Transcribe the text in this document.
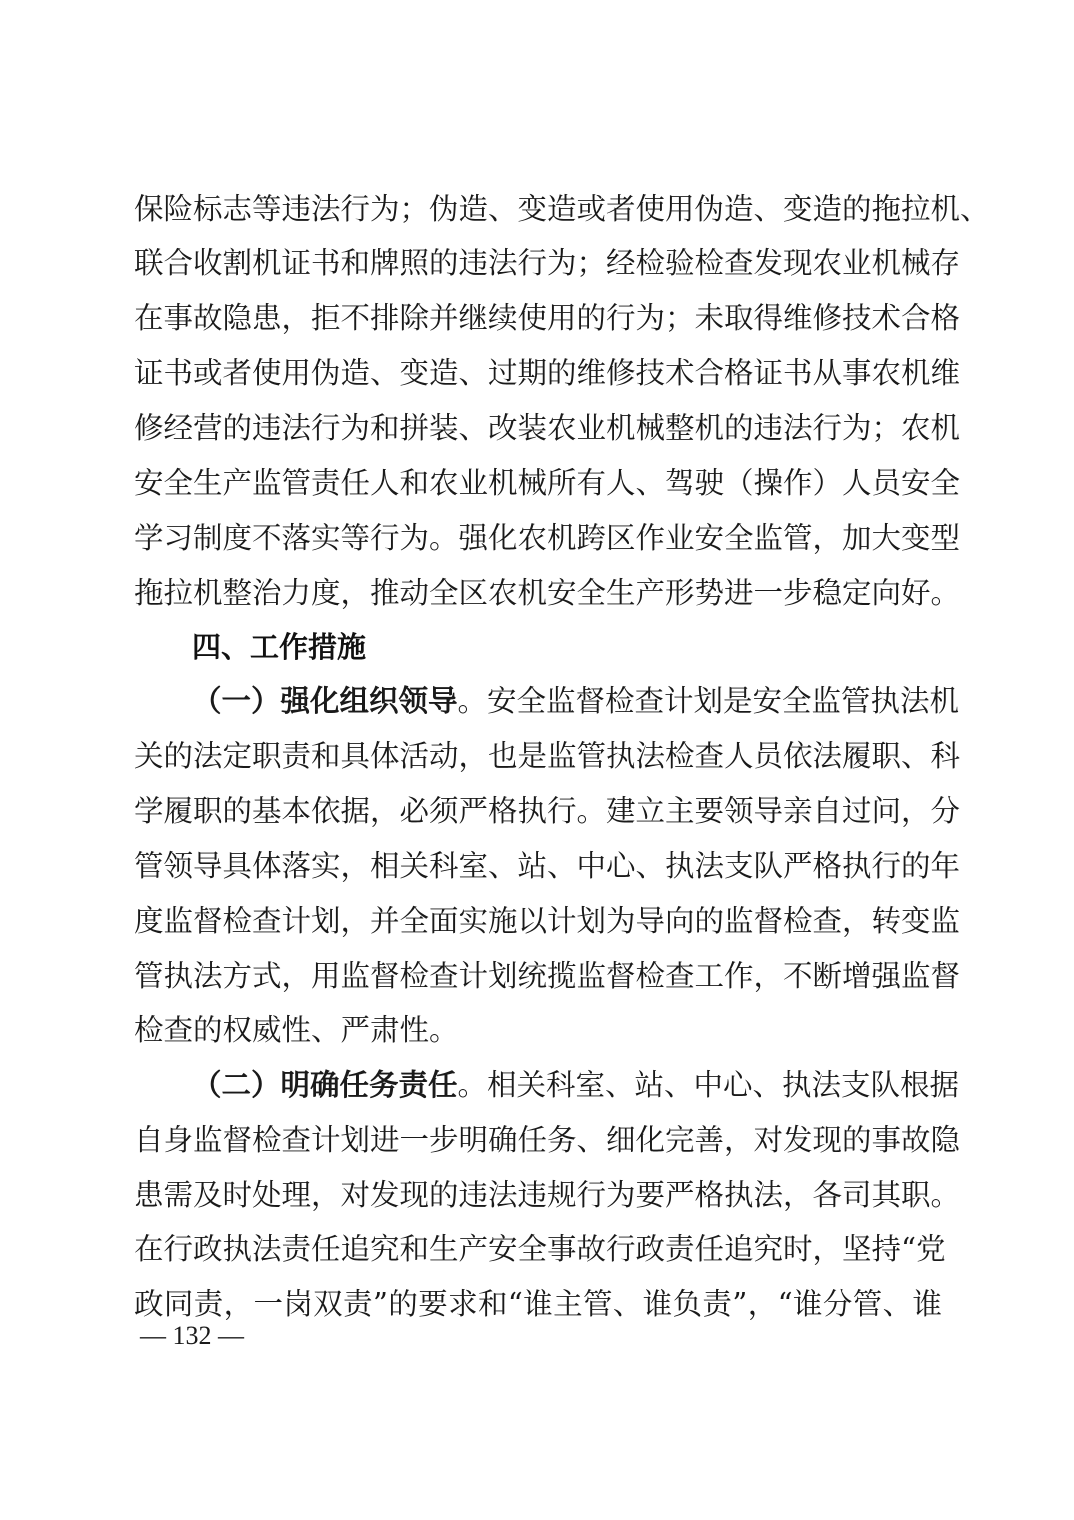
保险标志等违法行为；伪造、变造或者使用伪造、变造的拖拉机、
联合收割机证书和牌照的违法行为；经检验检查发现农业机械存
在事故隐患，拒不排除并继续使用的行为；未取得维修技术合格
证书或者使用伪造、变造、过期的维修技术合格证书从事农机维
修经营的违法行为和拼装、改装农业机械整机的违法行为；农机
安全生产监管责任人和农业机械所有人、驾驶（操作）人员安全
学习制度不落实等行为。强化农机跨区作业安全监管，加大变型
拖拉机整治力度，推动全区农机安全生产形势进一步稳定向好。
四、工作措施
（一）强化组织领导。安全监督检查计划是安全监管执法机
关的法定职责和具体活动，也是监管执法检查人员依法履职、科
学履职的基本依据，必须严格执行。建立主要领导亲自过问，分
管领导具体落实，相关科室、站、中心、执法支队严格执行的年
度监督检查计划，并全面实施以计划为导向的监督检查，转变监
管执法方式，用监督检查计划统揽监督检查工作，不断增强监督
检查的权威性、严肃性。
（二）明确任务责任。相关科室、站、中心、执法支队根据
自身监督检查计划进一步明确任务、细化完善，对发现的事故隐
患需及时处理，对发现的违法违规行为要严格执法，各司其职。
在行政执法责任追究和生产安全事故行政责任追究时，坚持“党
政同责，一岗双责”的要求和“谁主管、谁负责”，“谁分管、谁
— 132 —
